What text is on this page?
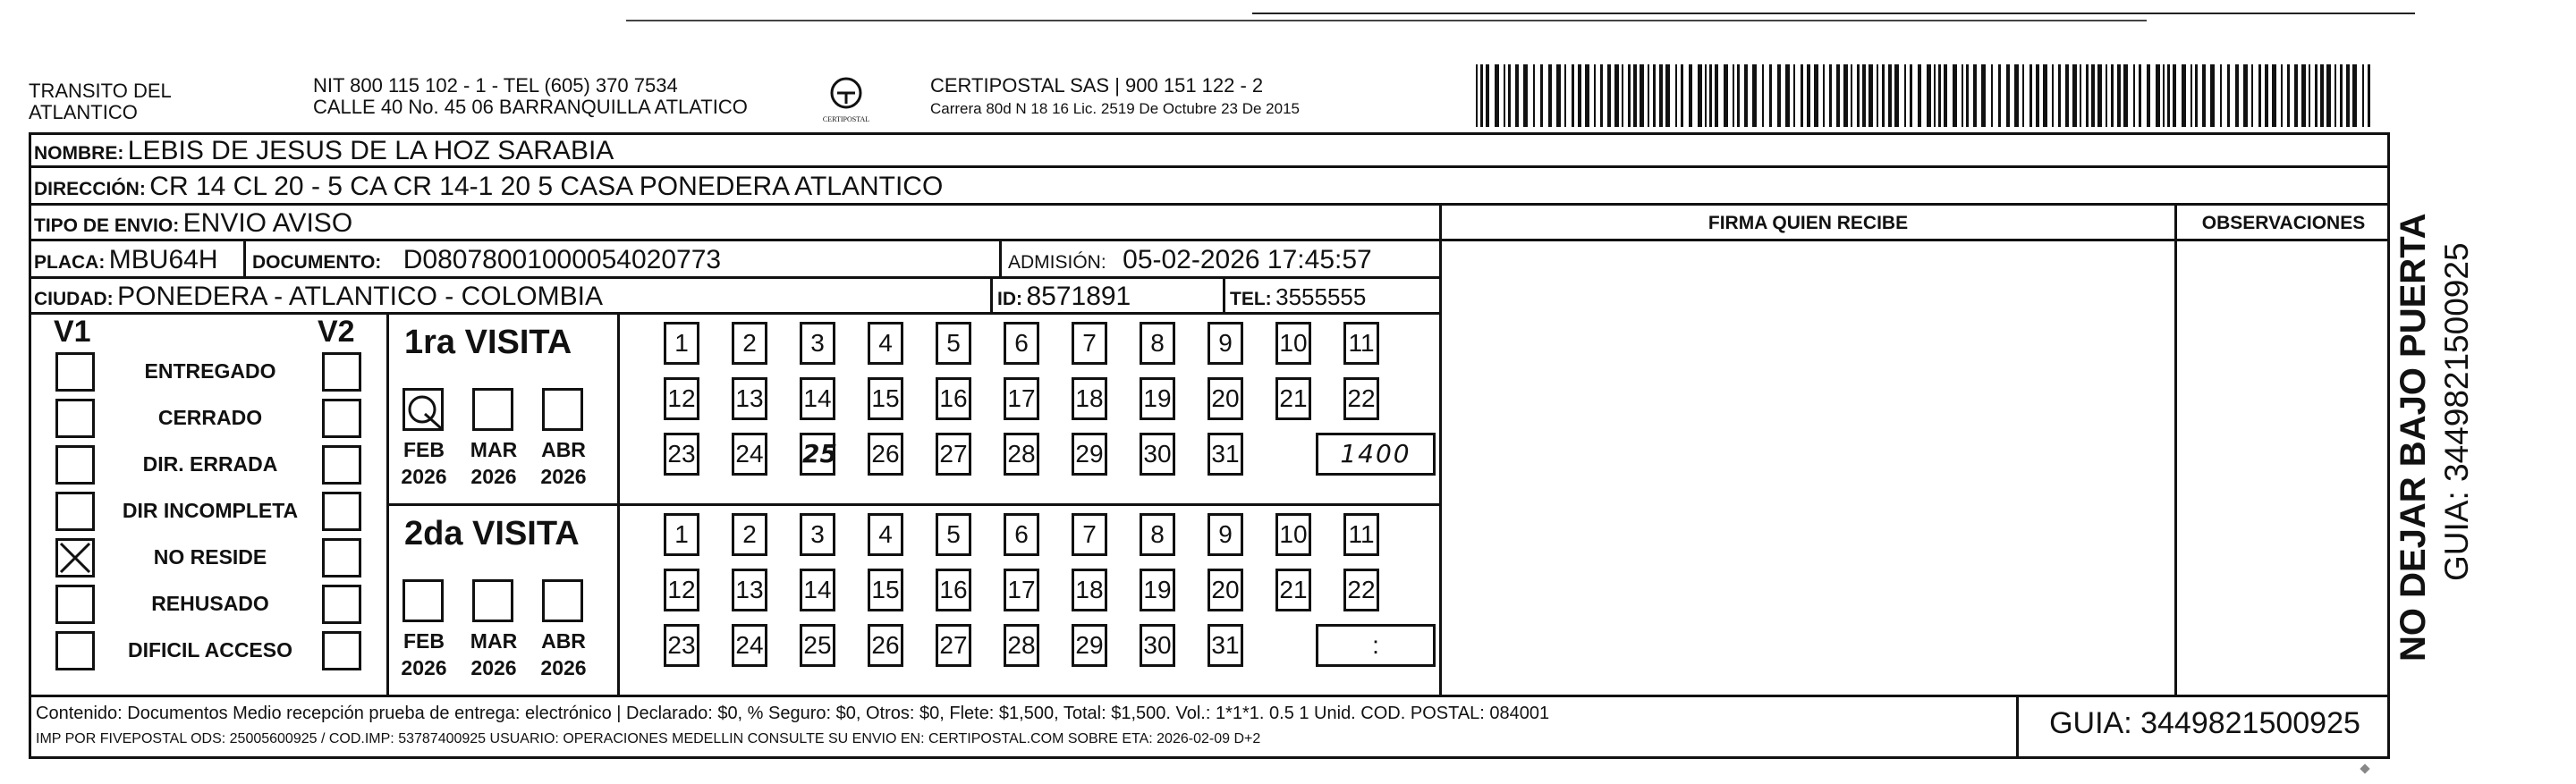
TRANSITO DEL
ATLANTICO
NIT 800 115 102 - 1 - TEL (605) 370 7534
CALLE 40 No. 45 06 BARRANQUILLA ATLATICO
CERTIPOSTAL
CERTIPOSTAL SAS | 900 151 122 - 2
Carrera 80d N 18 16 Lic. 2519 De Octubre 23 De 2015
NOMBRE: LEBIS DE JESUS DE LA HOZ SARABIA
DIRECCIÓN: CR 14 CL 20 - 5 CA CR 14-1 20 5 CASA PONEDERA ATLANTICO
TIPO DE ENVIO: ENVIO AVISO
PLACA: MBU64H DOCUMENTO: D08078001000054020773	ADMISIÓN: 05-02-2026 17:45:57
CIUDAD: PONEDERA - ATLANTICO - COLOMBIA	ID: 8571891	TEL: 3555555
FIRMA QUIEN RECIBE	OBSERVACIONES
V1	V2
ENTREGADO
CERRADO
DIR. ERRADA
DIR INCOMPLETA
NO RESIDE
REHUSADO
DIFICIL ACCESO
1ra VISITA
FEB
2026
MAR
2026
ABR
2026
1	2	3	4	5	6	7	8	9	10 11
12 13 14 15 16 17 18 19 20 21 22
23 24 25 26 27 28 29 30 31	1400
2da VISITA
FEB
2026
MAR
2026
ABR
2026
1	2	3	4	5	6	7	8	9	10 11
12 13 14 15 16 17 18 19 20 21 22
23 24 25 26 27 28 29 30 31	:
Contenido: Documentos Medio recepción prueba de entrega: electrónico | Declarado: $0, % Seguro: $0, Otros: $0, Flete: $1,500, Total: $1,500. Vol.: 1*1*1. 0.5 1 Unid. COD. POSTAL: 084001
IMP POR FIVEPOSTAL ODS: 25005600925 / COD.IMP: 53787400925 USUARIO: OPERACIONES MEDELLIN CONSULTE SU ENVIO EN: CERTIPOSTAL.COM SOBRE ETA: 2026-02-09 D+2	GUIA: 3449821500925
NO DEJAR BAJO PUERTA GUIA: 3449821500925
